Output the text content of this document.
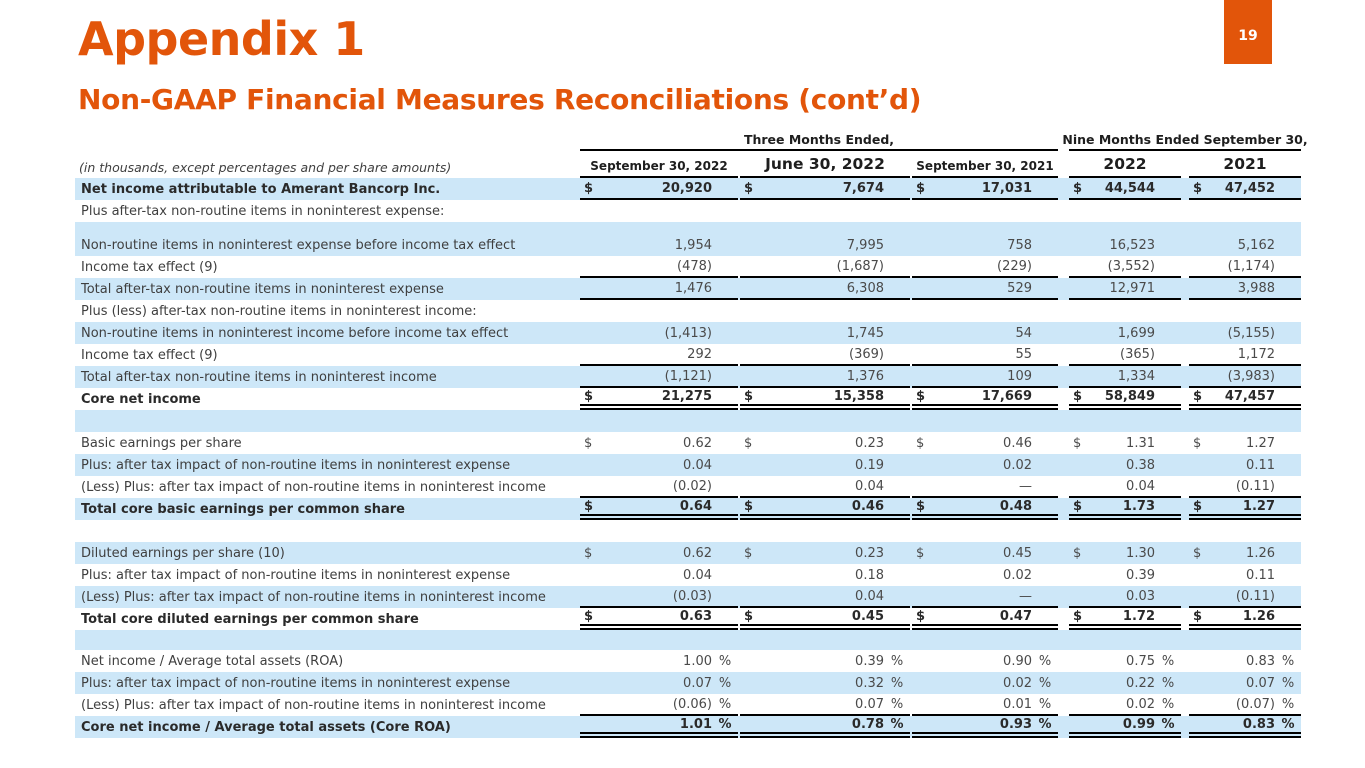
Appendix 1
Non-GAAP Financial Measures Reconciliations (cont’d)
19
Three Months Ended,	Nine Months Ended September 30,
(in thousands, except percentages and per share amounts)	September 30, 2022	June 30, 2022	September 30, 2021	2022	2021
Net income attributable to Amerant Bancorp Inc.	$	20,920	$	7,674	$	17,031	$	44,544	$	47,452
Plus after-tax non-routine items in noninterest expense:
Non-routine items in noninterest expense before income tax effect	1,954	7,995	758	16,523	5,162
Income tax effect (9)	(478)	(1,687)	(229)	(3,552)	(1,174)
Total after-tax non-routine items in noninterest expense	1,476	6,308	529	12,971	3,988
Plus (less) after-tax non-routine items in noninterest income:
Non-routine items in noninterest income before income tax effect	(1,413)	1,745	54	1,699	(5,155)
Income tax effect (9)	292	(369)	55	(365)	1,172
Total after-tax non-routine items in noninterest income	(1,121)	1,376	109	1,334	(3,983)
Core net income	$	21,275	$	15,358	$	17,669	$	58,849	$	47,457
Basic earnings per share	$	0.62	$	0.23	$	0.46	$	1.31	$	1.27
Plus: after tax impact of non-routine items in noninterest expense	0.04	0.19	0.02	0.38	0.11
(Less) Plus: after tax impact of non-routine items in noninterest income	(0.02)	0.04	—	0.04	(0.11)
Total core basic earnings per common share	$	0.64	$	0.46	$	0.48	$	1.73	$	1.27
Diluted earnings per share (10)	$	0.62	$	0.23	$	0.45	$	1.30	$	1.26
Plus: after tax impact of non-routine items in noninterest expense	0.04	0.18	0.02	0.39	0.11
(Less) Plus: after tax impact of non-routine items in noninterest income	(0.03)	0.04	—	0.03	(0.11)
Total core diluted earnings per common share	$	0.63	$	0.45	$	0.47	$	1.72	$	1.26
Net income / Average total assets (ROA)	1.00 %	0.39 %	0.90 %	0.75 %	0.83 %
Plus: after tax impact of non-routine items in noninterest expense	0.07 %	0.32 %	0.02 %	0.22 %	0.07 %
(Less) Plus: after tax impact of non-routine items in noninterest income	(0.06) %	0.07 %	0.01 %	0.02 %	(0.07) %
Core net income / Average total assets (Core ROA)	1.01 %	0.78 %	0.93 %	0.99 %	0.83 %
